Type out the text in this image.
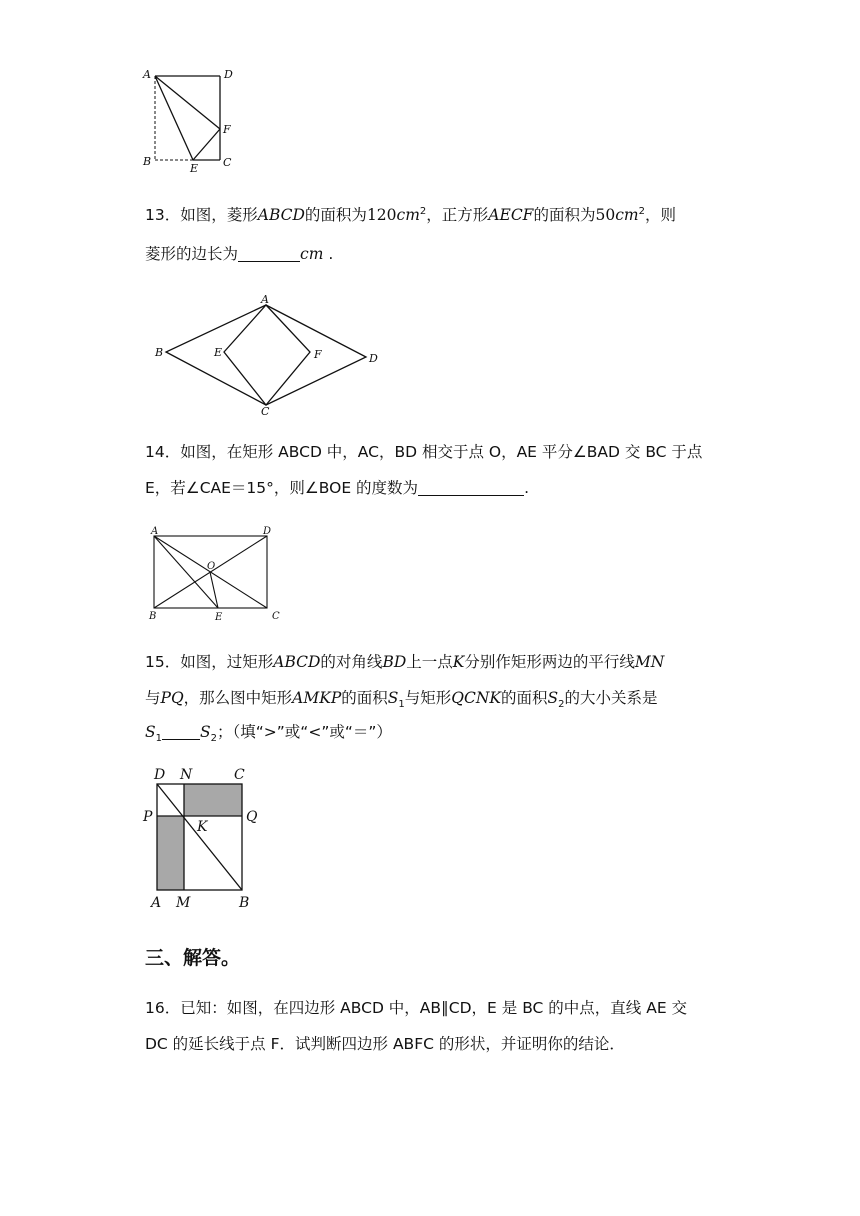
A	D
F
B
E C
13．如图，菱形ABCD的面积为$120cm^2$，正方形AECF的面积为$50cm^2$，则
菱形的边长为	cm .
A
B	E	F	D
C
14．如图，在矩形 ABCD 中，AC，BD 相交于点 O，AE 平分∠BAD 交 BC 于点
E，若∠CAE＝15°，则∠BOE 的度数为	.
A	D
O
B	E	C
15．如图，过矩形ABCD的对角线BD上一点K分别作矩形两边的平行线MN
与PQ，那么图中矩形AMKP的面积$S_1$与矩形QCNK的面积$S_2$的大小关系是
$S_1$ $S_2$；（填“>”或“<”或“＝”）
D N	C
P	Q
K
A M	B
三、解答。
16．已知：如图，在四边形 ABCD 中，AB∥CD，E 是 BC 的中点，直线 AE 交
DC 的延长线于点 F．试判断四边形 ABFC 的形状，并证明你的结论．
